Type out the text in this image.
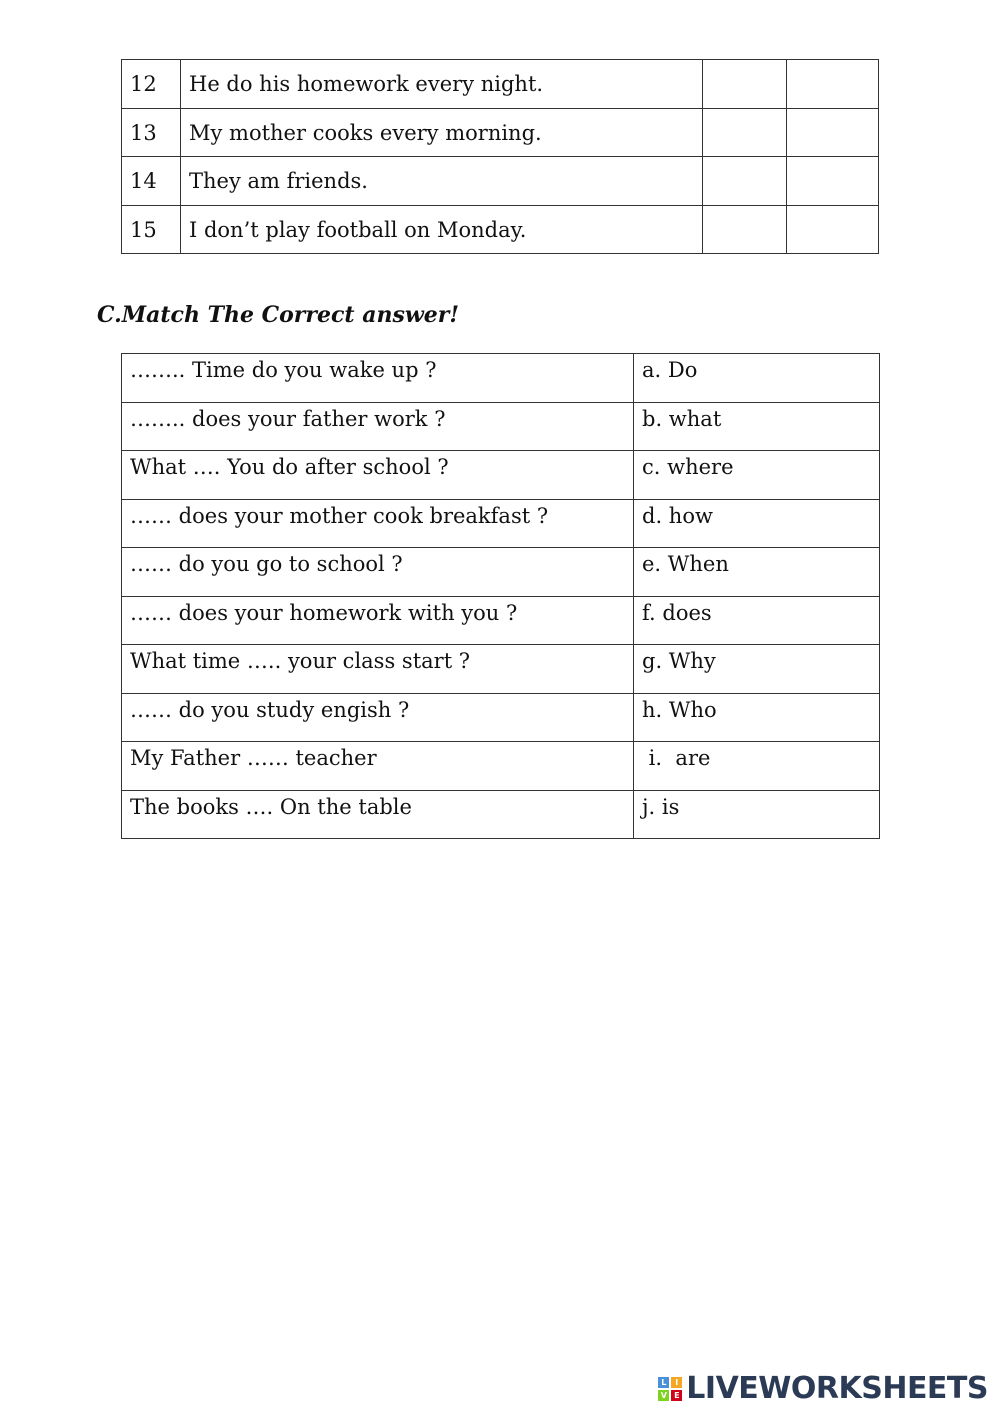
12	He do his homework every night.		
13	My mother cooks every morning.		
14	They am friends.		
15	I don’t play football on Monday.		
C.Match The Correct answer!
…….. Time do you wake up ?	a. Do
…….. does your father work ?	b. what
What …. You do after school ?	c. where
…… does your mother cook breakfast ?	d. how
…… do you go to school ?	e. When
…… does your homework with you ?	f. does
What time ….. your class start ?	g. Why
…… do you study engish ?	h. Who
My Father …… teacher	i.  are
The books …. On the table	j. is
L	I
V E LIVEWORKSHEETS
